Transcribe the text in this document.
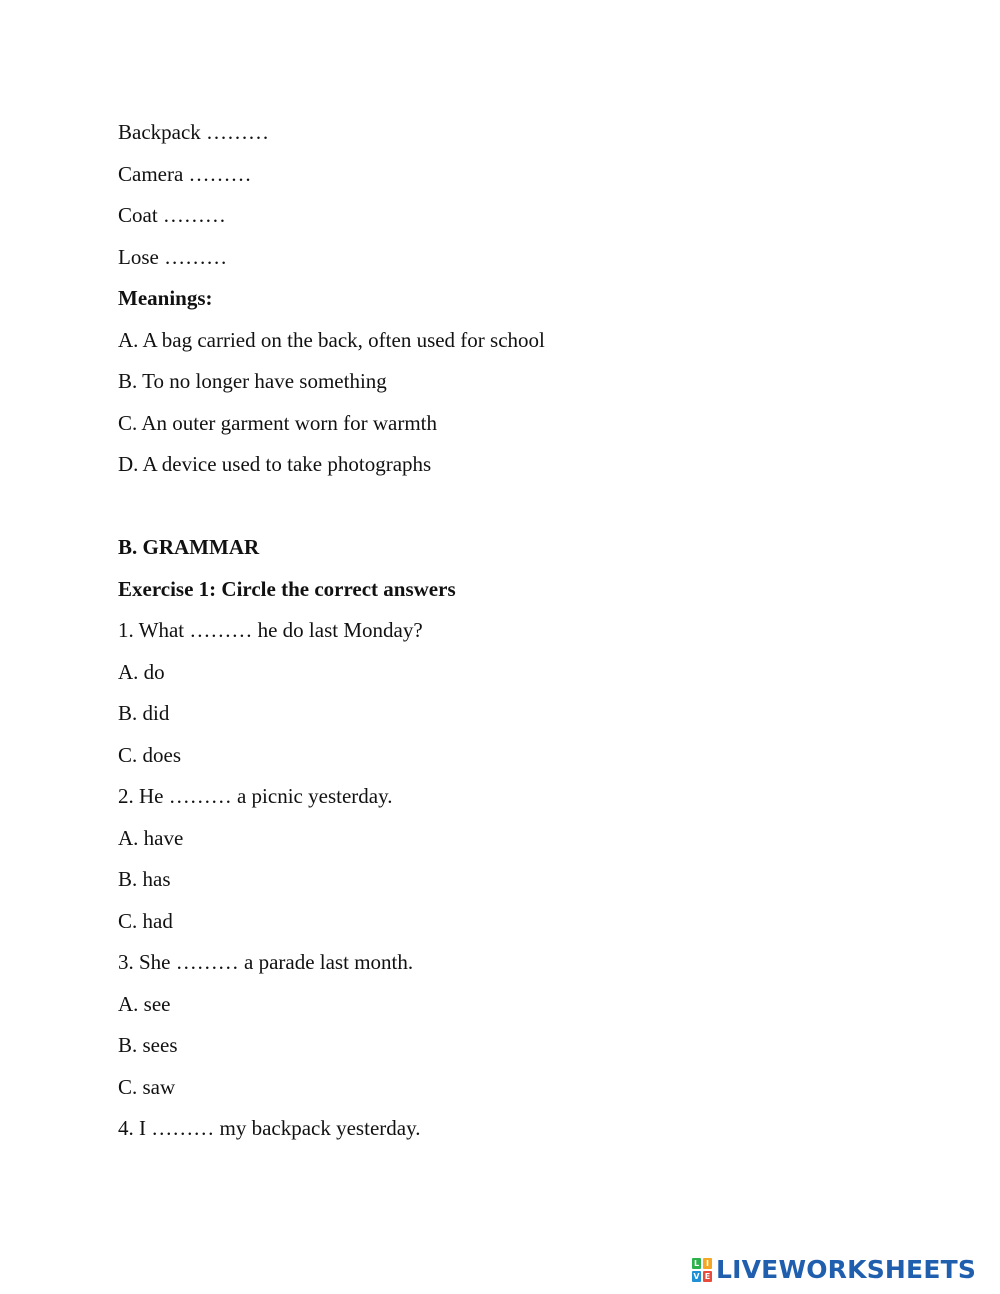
Backpack ………
Camera ………
Coat ………
Lose ………
Meanings:
A. A bag carried on the back, often used for school
B. To no longer have something
C. An outer garment worn for warmth
D. A device used to take photographs
B. GRAMMAR
Exercise 1: Circle the correct answers
1. What ……… he do last Monday?
A. do
B. did
C. does
2. He ……… a picnic yesterday.
A. have
B. has
C. had
3. She ……… a parade last month.
A. see
B. sees
C. saw
4. I ……… my backpack yesterday.
L I
V E LIVEWORKSHEETS
